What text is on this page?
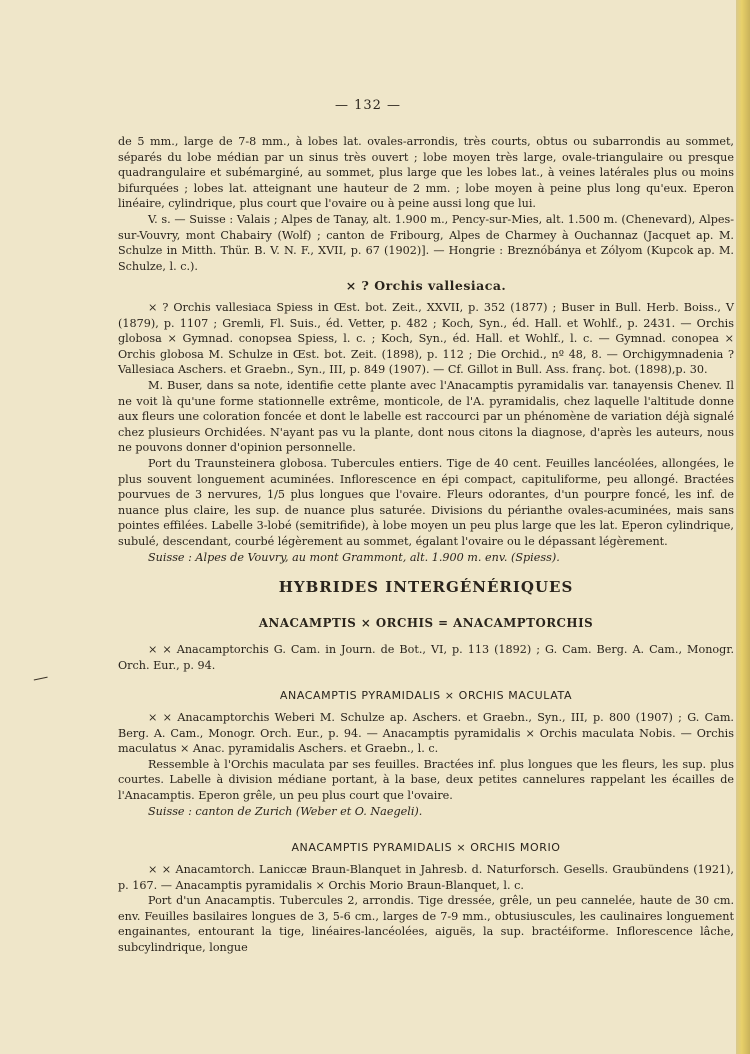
— 132 —

de 5 mm., large de 7-8 mm., à lobes lat. ovales-arrondis, très courts, obtus ou subarrondis au sommet, séparés du lobe médian par un sinus très ouvert ; lobe moyen très large, ovale-triangulaire ou presque quadrangulaire et subémarginé, au sommet, plus large que les lobes lat., à veines latérales plus ou moins bifurquées ; lobes lat. atteignant une hauteur de 2 mm. ; lobe moyen à peine plus long qu'eux. Eperon linéaire, cylindrique, plus court que l'ovaire ou à peine aussi long que lui.

V. s. — Suisse : Valais ; Alpes de Tanay, alt. 1.900 m., Pency-sur-Mies, alt. 1.500 m. (Chenevard), Alpes-sur-Vouvry, mont Chabairy (Wolf) ; canton de Fribourg, Alpes de Charmey à Ouchannaz (Jacquet ap. M. Schulze in Mitth. Thür. B. V. N. F., XVII, p. 67 (1902)]. — Hongrie : Breznóbánya et Zólyom (Kupcok ap. M. Schulze, l. c.).

× ? Orchis vallesiaca.

× ? Orchis vallesiaca Spiess in Œst. bot. Zeit., XXVII, p. 352 (1877) ; Buser in Bull. Herb. Boiss., V (1879), p. 1107 ; Gremli, Fl. Suis., éd. Vetter, p. 482 ; Koch, Syn., éd. Hall. et Wohlf., p. 2431. — Orchis globosa × Gymnad. conopsea Spiess, l. c. ; Koch, Syn., éd. Hall. et Wohlf., l. c. — Gymnad. conopea × Orchis globosa M. Schulze in Œst. bot. Zeit. (1898), p. 112 ; Die Orchid., nº 48, 8. — Orchigymnadenia ? Vallesiaca Aschers. et Graebn., Syn., III, p. 849 (1907). — Cf. Gillot in Bull. Ass. franç. bot. (1898),p. 30.

M. Buser, dans sa note, identifie cette plante avec l'Anacamptis pyramidalis var. tanayensis Chenev. Il ne voit là qu'une forme stationnelle extrême, monticole, de l'A. pyramidalis, chez laquelle l'altitude donne aux fleurs une coloration foncée et dont le labelle est raccourci par un phénomène de variation déjà signalé chez plusieurs Orchidées. N'ayant pas vu la plante, dont nous citons la diagnose, d'après les auteurs, nous ne pouvons donner d'opinion personnelle.

Port du Traunsteinera globosa. Tubercules entiers. Tige de 40 cent. Feuilles lancéolées, allongées, le plus souvent longuement acuminées. Inflorescence en épi compact, capituliforme, peu allongé. Bractées pourvues de 3 nervures, 1/5 plus longues que l'ovaire. Fleurs odorantes, d'un pourpre foncé, les inf. de nuance plus claire, les sup. de nuance plus saturée. Divisions du périanthe ovales-acuminées, mais sans pointes effilées. Labelle 3-lobé (semitrifide), à lobe moyen un peu plus large que les lat. Eperon cylindrique, subulé, descendant, courbé légèrement au sommet, égalant l'ovaire ou le dépassant légèrement.

Suisse : Alpes de Vouvry, au mont Grammont, alt. 1.900 m. env. (Spiess).

HYBRIDES INTERGÉNÉRIQUES
ANACAMPTIS × ORCHIS = ANACAMPTORCHIS

× × Anacamptorchis G. Cam. in Journ. de Bot., VI, p. 113 (1892) ; G. Cam. Berg. A. Cam., Monogr. Orch. Eur., p. 94.

ANACAMPTIS PYRAMIDALIS × ORCHIS MACULATA

× × Anacamptorchis Weberi M. Schulze ap. Aschers. et Graebn., Syn., III, p. 800 (1907) ; G. Cam. Berg. A. Cam., Monogr. Orch. Eur., p. 94. — Anacamptis pyramidalis × Orchis maculata Nobis. — Orchis maculatus × Anac. pyramidalis Aschers. et Graebn., l. c.

Ressemble à l'Orchis maculata par ses feuilles. Bractées inf. plus longues que les fleurs, les sup. plus courtes. Labelle à division médiane portant, à la base, deux petites cannelures rappelant les écailles de l'Anacamptis. Eperon grêle, un peu plus court que l'ovaire.

Suisse : canton de Zurich (Weber et O. Naegeli).

ANACAMPTIS PYRAMIDALIS × ORCHIS MORIO

× × Anacamtorch. Laniccæ Braun-Blanquet in Jahresb. d. Naturforsch. Gesells. Graubündens (1921), p. 167. — Anacamptis pyramidalis × Orchis Morio Braun-Blanquet, l. c.

Port d'un Anacamptis. Tubercules 2, arrondis. Tige dressée, grêle, un peu cannelée, haute de 30 cm. env. Feuilles basilaires longues de 3, 5-6 cm., larges de 7-9 mm., obtusiuscules, les caulinaires longuement engainantes, entourant la tige, linéaires-lancéolées, aiguës, la sup. bractéiforme. Inflorescence lâche, subcylindrique, longue
